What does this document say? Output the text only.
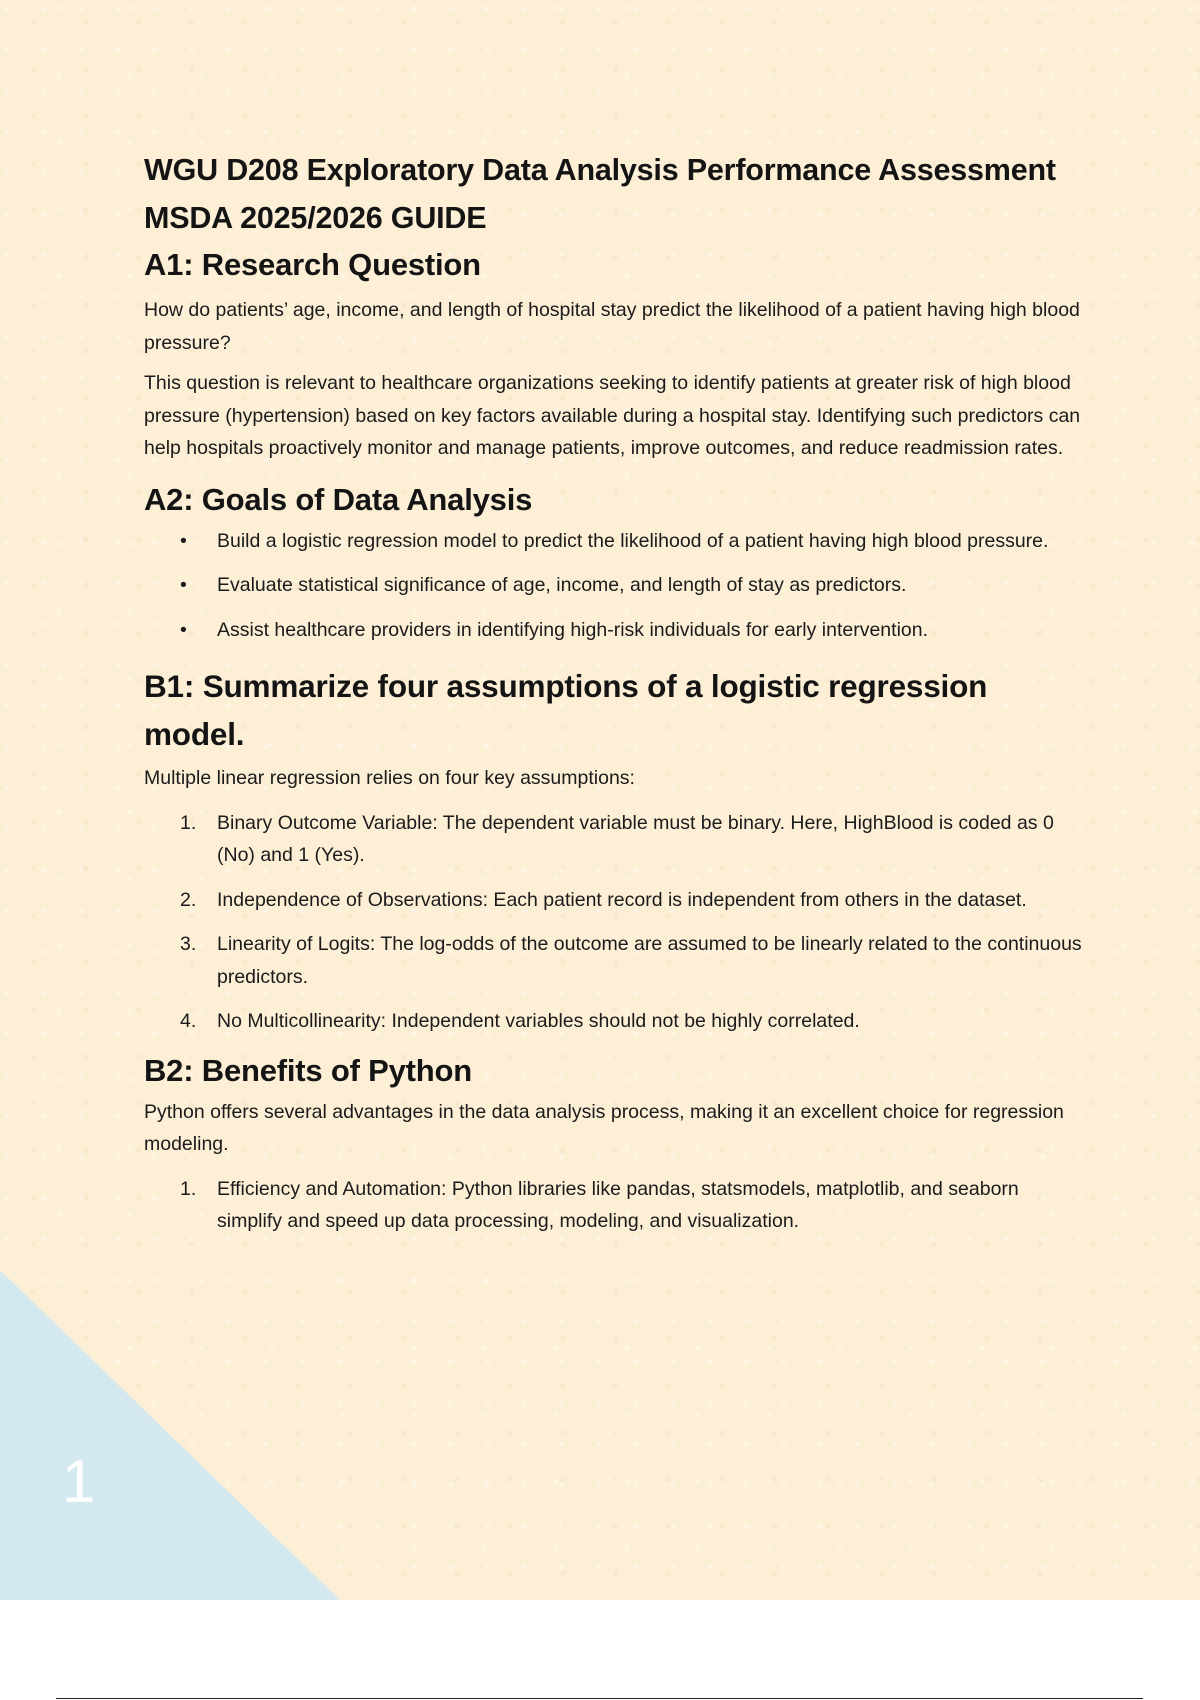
1
WGU D208 Exploratory Data Analysis Performance Assessment MSDA 2025/2026 GUIDE
A1: Research Question

How do patients’ age, income, and length of hospital stay predict the likelihood of a patient having high blood pressure?

This question is relevant to healthcare organizations seeking to identify patients at greater risk of high blood pressure (hypertension) based on key factors available during a hospital stay. Identifying such predictors can help hospitals proactively monitor and manage patients, improve outcomes, and reduce readmission rates.

A2: Goals of Data Analysis
• Build a logistic regression model to predict the likelihood of a patient having high blood pressure.
• Evaluate statistical significance of age, income, and length of stay as predictors.
• Assist healthcare providers in identifying high-risk individuals for early intervention.
B1: Summarize four assumptions of a logistic regression model.

Multiple linear regression relies on four key assumptions:

1. Binary Outcome Variable: The dependent variable must be binary. Here, HighBlood is coded as 0 (No) and 1 (Yes).
2. Independence of Observations: Each patient record is independent from others in the dataset.
3. Linearity of Logits: The log-odds of the outcome are assumed to be linearly related to the continuous predictors.
4. No Multicollinearity: Independent variables should not be highly correlated.
B2: Benefits of Python

Python offers several advantages in the data analysis process, making it an excellent choice for regression modeling.

1. Efficiency and Automation: Python libraries like pandas, statsmodels, matplotlib, and seaborn simplify and speed up data processing, modeling, and visualization.
